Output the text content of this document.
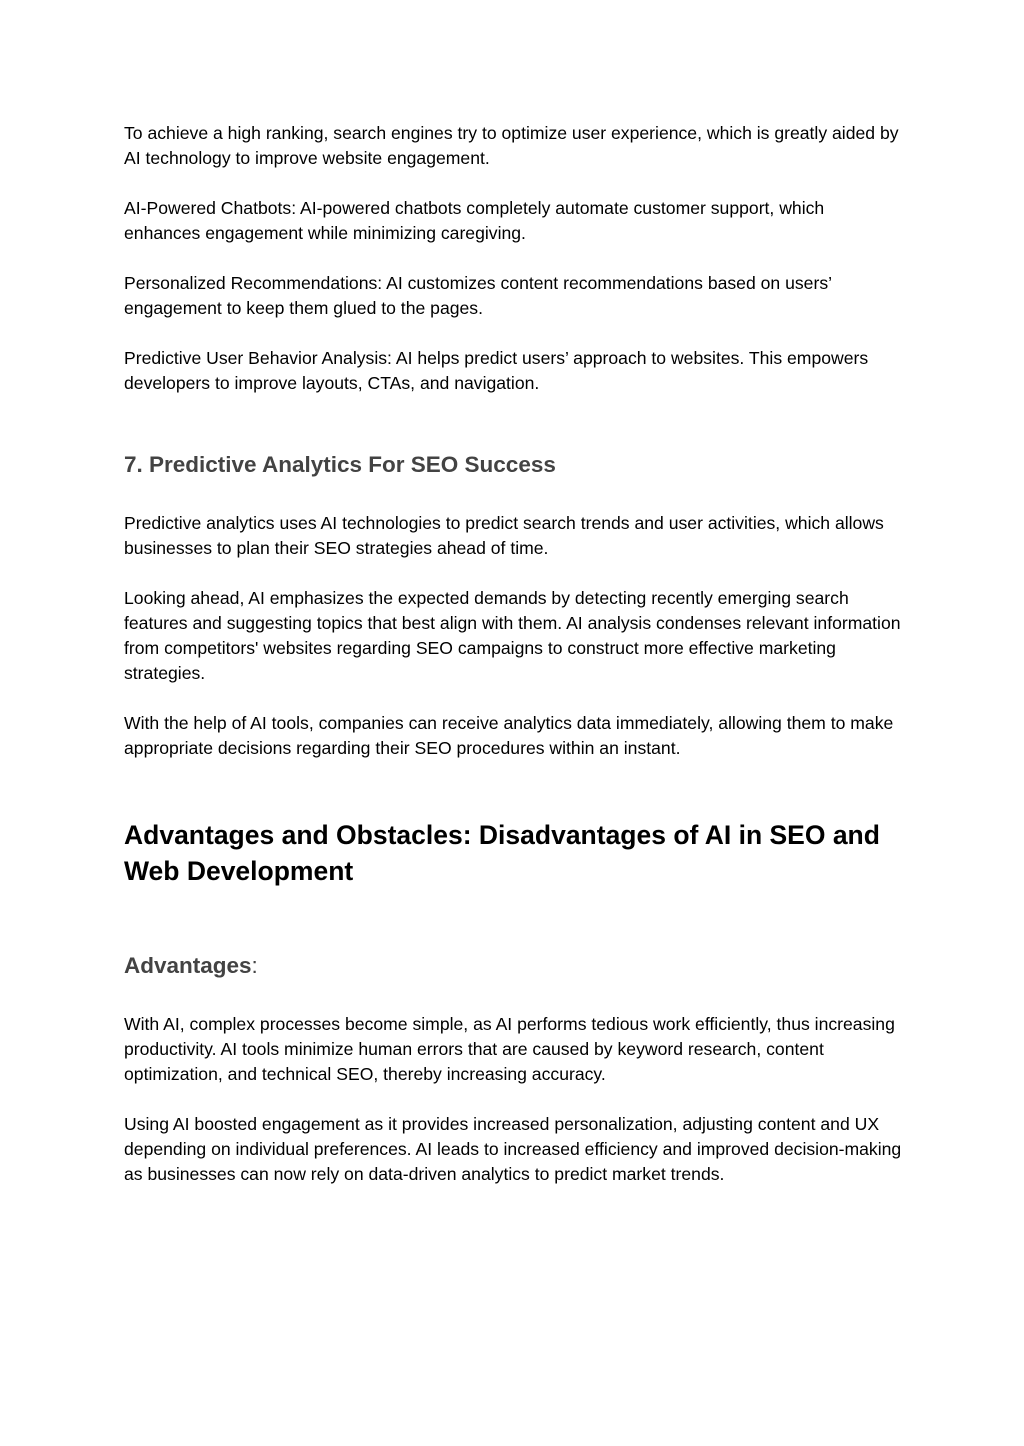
To achieve a high ranking, search engines try to optimize user experience, which is greatly aided by AI technology to improve website engagement.

AI-Powered Chatbots: AI-powered chatbots completely automate customer support, which enhances engagement while minimizing caregiving.

Personalized Recommendations: AI customizes content recommendations based on users’ engagement to keep them glued to the pages.

Predictive User Behavior Analysis: AI helps predict users’ approach to websites. This empowers developers to improve layouts, CTAs, and navigation.

7. Predictive Analytics For SEO Success

Predictive analytics uses AI technologies to predict search trends and user activities, which allows businesses to plan their SEO strategies ahead of time.

Looking ahead, AI emphasizes the expected demands by detecting recently emerging search features and suggesting topics that best align with them. AI analysis condenses relevant information from competitors' websites regarding SEO campaigns to construct more effective marketing strategies.

With the help of AI tools, companies can receive analytics data immediately, allowing them to make appropriate decisions regarding their SEO procedures within an instant.

Advantages and Obstacles: Disadvantages of AI in SEO and Web Development
Advantages:

With AI, complex processes become simple, as AI performs tedious work efficiently, thus increasing productivity. AI tools minimize human errors that are caused by keyword research, content optimization, and technical SEO, thereby increasing accuracy.

Using AI boosted engagement as it provides increased personalization, adjusting content and UX depending on individual preferences. AI leads to increased efficiency and improved decision-making as businesses can now rely on data-driven analytics to predict market trends.
